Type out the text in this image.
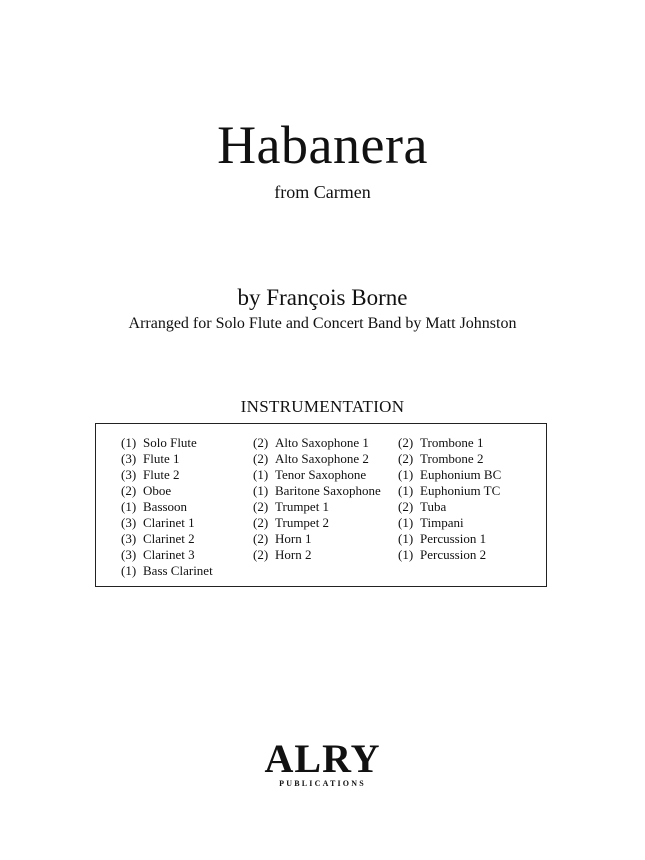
Habanera
from Carmen
by François Borne
Arranged for Solo Flute and Concert Band by Matt Johnston
INSTRUMENTATION
(1) Solo Flute
(3) Flute 1
(3) Flute 2
(2) Oboe
(1) Bassoon
(3) Clarinet 1
(3) Clarinet 2
(3) Clarinet 3
(1) Bass Clarinet
(2) Alto Saxophone 1
(2) Alto Saxophone 2
(1) Tenor Saxophone
(1) Baritone Saxophone
(2) Trumpet 1
(2) Trumpet 2
(2) Horn 1
(2) Horn 2
(2) Trombone 1
(2) Trombone 2
(1) Euphonium BC
(1) Euphonium TC
(2) Tuba
(1) Timpani
(1) Percussion 1
(1) Percussion 2
ALRY
PUBLICATIONS
